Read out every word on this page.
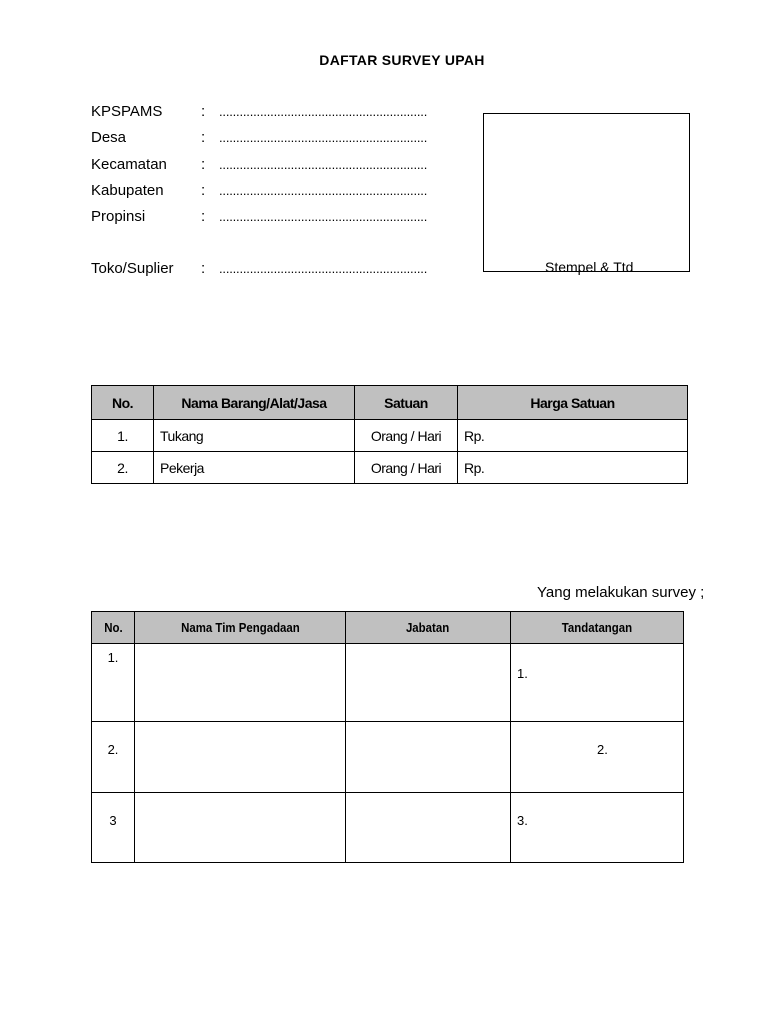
DAFTAR SURVEY UPAH
KPSPAMS	: .............................................................
Desa	: .............................................................
Kecamatan	: .............................................................
Kabupaten	: .............................................................
Propinsi	: .............................................................
Toko/Suplier	: .............................................................	Stempel & Ttd
No.	Nama Barang/Alat/Jasa	Satuan	Harga Satuan
1.	Tukang	Orang / Hari	Rp.
2.	Pekerja	Orang / Hari	Rp.
Yang melakukan survey ;
No.	Nama Tim Pengadaan	Jabatan	Tandatangan
1.			1.
2.			2.
3			3.
